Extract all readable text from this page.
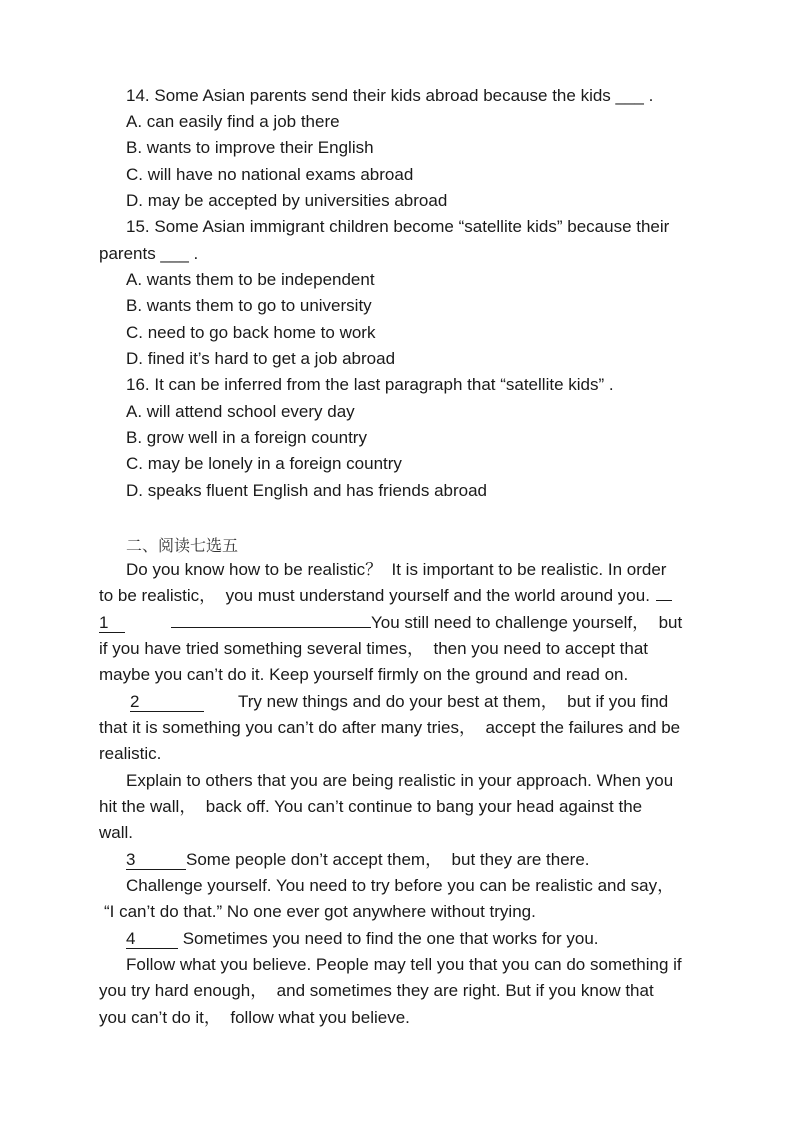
14. Some Asian parents send their kids abroad because the kids ___ .
A. can easily find a job there
B. wants to improve their English
C. will have no national exams abroad
D. may be accepted by universities abroad
15. Some Asian immigrant children become “satellite kids” because their
parents ___ .
A. wants them to be independent
B. wants them to go to university
C. need to go back home to work
D. fined it’s hard to get a job abroad
16. It can be inferred from the last paragraph that “satellite kids” .
A. will attend school every day
B. grow well in a foreign country
C. may be lonely in a foreign country
D. speaks fluent English and has friends abroad
二、阅读七选五
Do you know how to be realistic？  It is important to be realistic. In order
to be realistic，  you must understand yourself and the world around you.
1	You still need to challenge yourself，  but
if you have tried something several times，  then you need to accept that
maybe you can’t do it. Keep yourself firmly on the ground and read on.
2	Try new things and do your best at them，  but if you find
that it is something you can’t do after many tries，  accept the failures and be
realistic.
Explain to others that you are being realistic in your approach. When you
hit the wall，  back off. You can’t continue to bang your head against the
wall.
3	Some people don’t accept them，  but they are there.
Challenge yourself. You need to try before you can be realistic and say，
“I can’t do that.” No one ever got anywhere without trying.
4	Sometimes you need to find the one that works for you.
Follow what you believe. People may tell you that you can do something if
you try hard enough，  and sometimes they are right. But if you know that
you can’t do it，  follow what you believe.
